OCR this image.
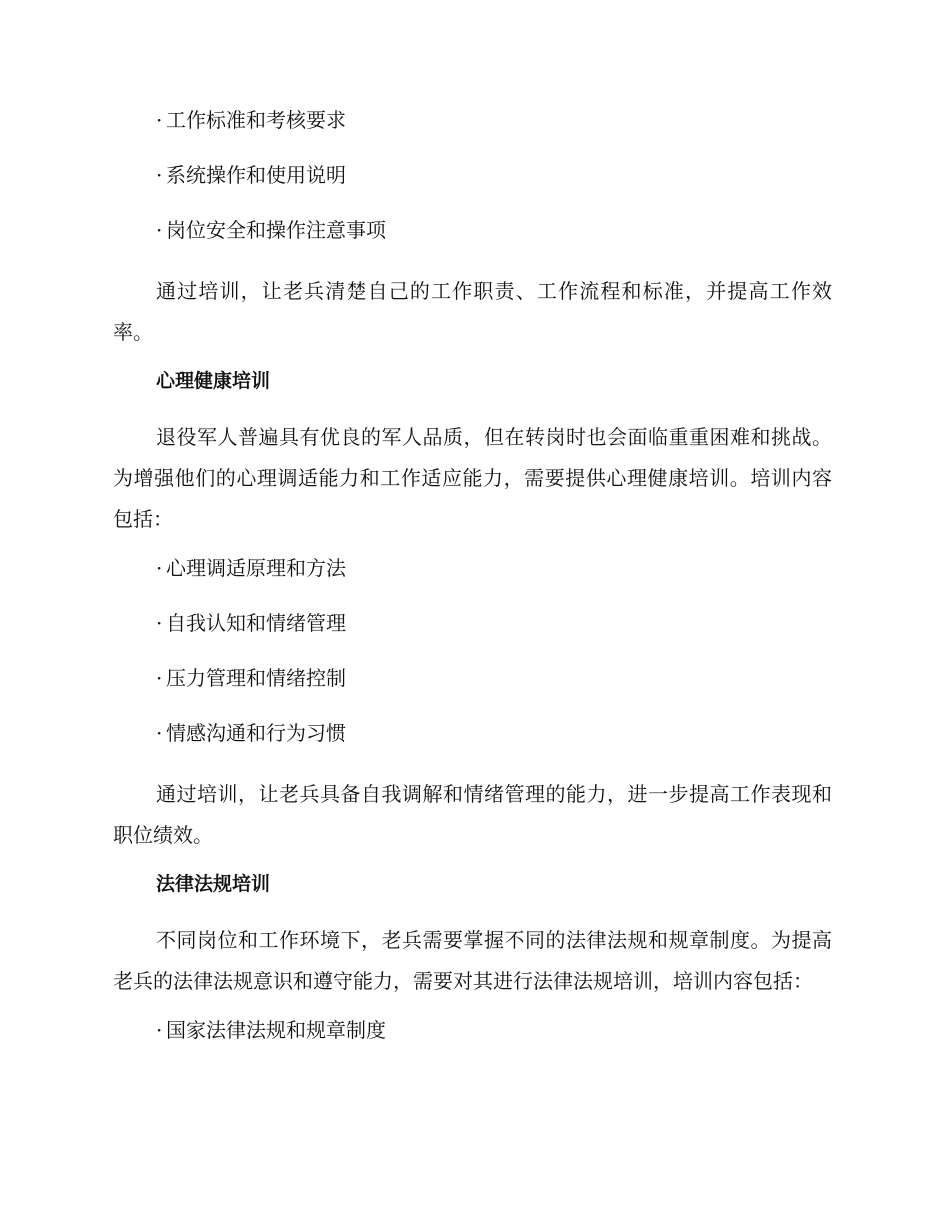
· 工作标准和考核要求
· 系统操作和使用说明
· 岗位安全和操作注意事项

通过培训，让老兵清楚自己的工作职责、工作流程和标准，并提高工作效率。

心理健康培训

退役军人普遍具有优良的军人品质，但在转岗时也会面临重重困难和挑战。为增强他们的心理调适能力和工作适应能力，需要提供心理健康培训。培训内容包括：

· 心理调适原理和方法
· 自我认知和情绪管理
· 压力管理和情绪控制
· 情感沟通和行为习惯

通过培训，让老兵具备自我调解和情绪管理的能力，进一步提高工作表现和职位绩效。

法律法规培训

不同岗位和工作环境下，老兵需要掌握不同的法律法规和规章制度。为提高老兵的法律法规意识和遵守能力，需要对其进行法律法规培训，培训内容包括：

· 国家法律法规和规章制度
